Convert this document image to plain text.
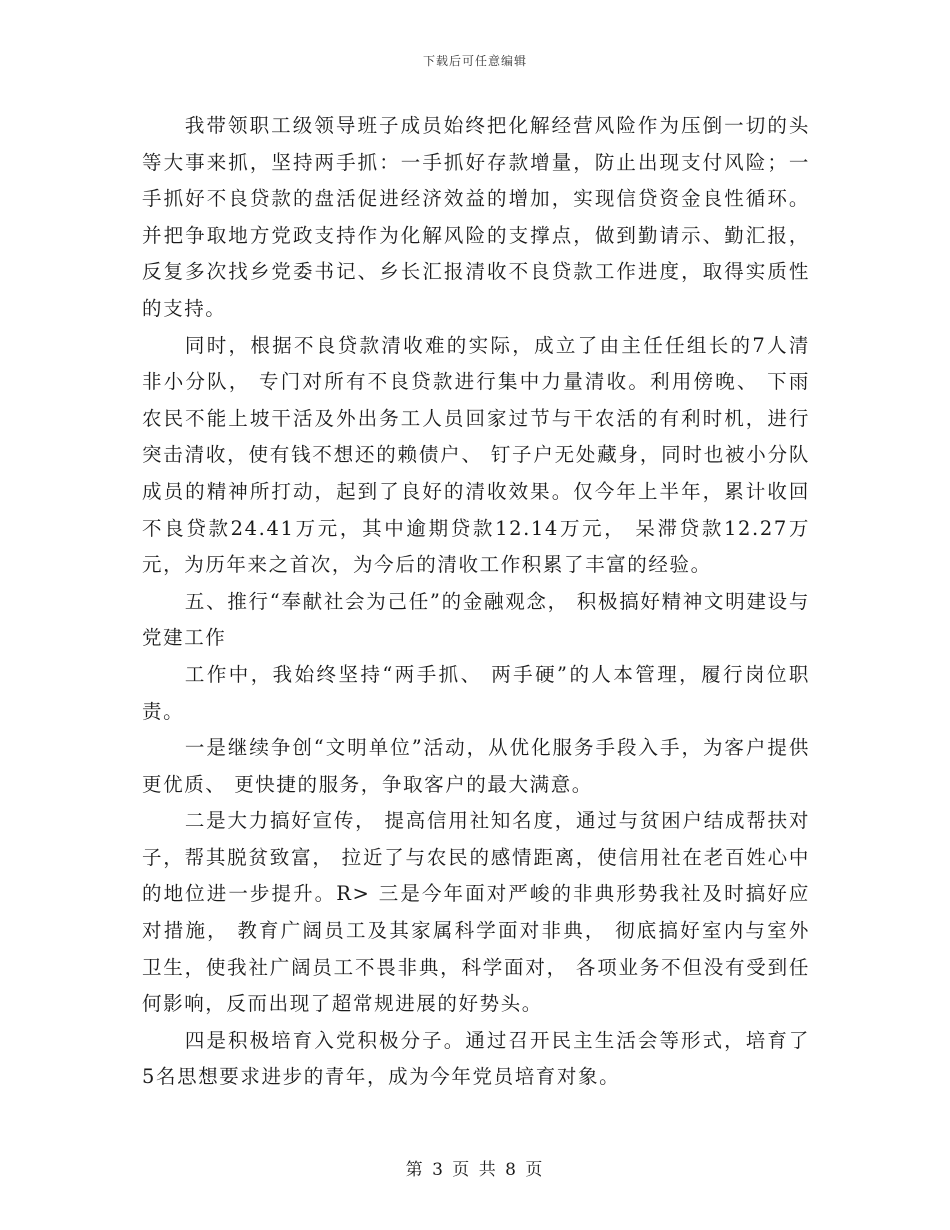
下载后可任意编辑

我带领职工级领导班子成员始终把化解经营风险作为压倒一切的头等大事来抓，坚持两手抓：一手抓好存款增量，防止出现支付风险；一手抓好不良贷款的盘活促进经济效益的增加，实现信贷资金良性循环。并把争取地方党政支持作为化解风险的支撑点，做到勤请示、勤汇报，反复多次找乡党委书记、乡长汇报清收不良贷款工作进度，取得实质性的支持。

同时，根据不良贷款清收难的实际，成立了由主任任组长的7人清非小分队， 专门对所有不良贷款进行集中力量清收。利用傍晚、 下雨农民不能上坡干活及外出务工人员回家过节与干农活的有利时机，进行突击清收，使有钱不想还的赖债户、 钉子户无处藏身，同时也被小分队成员的精神所打动，起到了良好的清收效果。仅今年上半年，累计收回不良贷款24.41万元，其中逾期贷款12.14万元， 呆滞贷款12.27万元，为历年来之首次，为今后的清收工作积累了丰富的经验。

五、推行“奉献社会为己任”的金融观念， 积极搞好精神文明建设与党建工作

工作中，我始终坚持“两手抓、 两手硬”的人本管理，履行岗位职责。

一是继续争创“文明单位”活动，从优化服务手段入手，为客户提供更优质、 更快捷的服务，争取客户的最大满意。

二是大力搞好宣传， 提高信用社知名度，通过与贫困户结成帮扶对子，帮其脱贫致富， 拉近了与农民的感情距离，使信用社在老百姓心中的地位进一步提升。R> 三是今年面对严峻的非典形势我社及时搞好应对措施， 教育广阔员工及其家属科学面对非典， 彻底搞好室内与室外卫生，使我社广阔员工不畏非典，科学面对， 各项业务不但没有受到任何影响，反而出现了超常规进展的好势头。

四是积极培育入党积极分子。通过召开民主生活会等形式，培育了5名思想要求进步的青年，成为今年党员培育对象。

第 3 页 共 8 页
